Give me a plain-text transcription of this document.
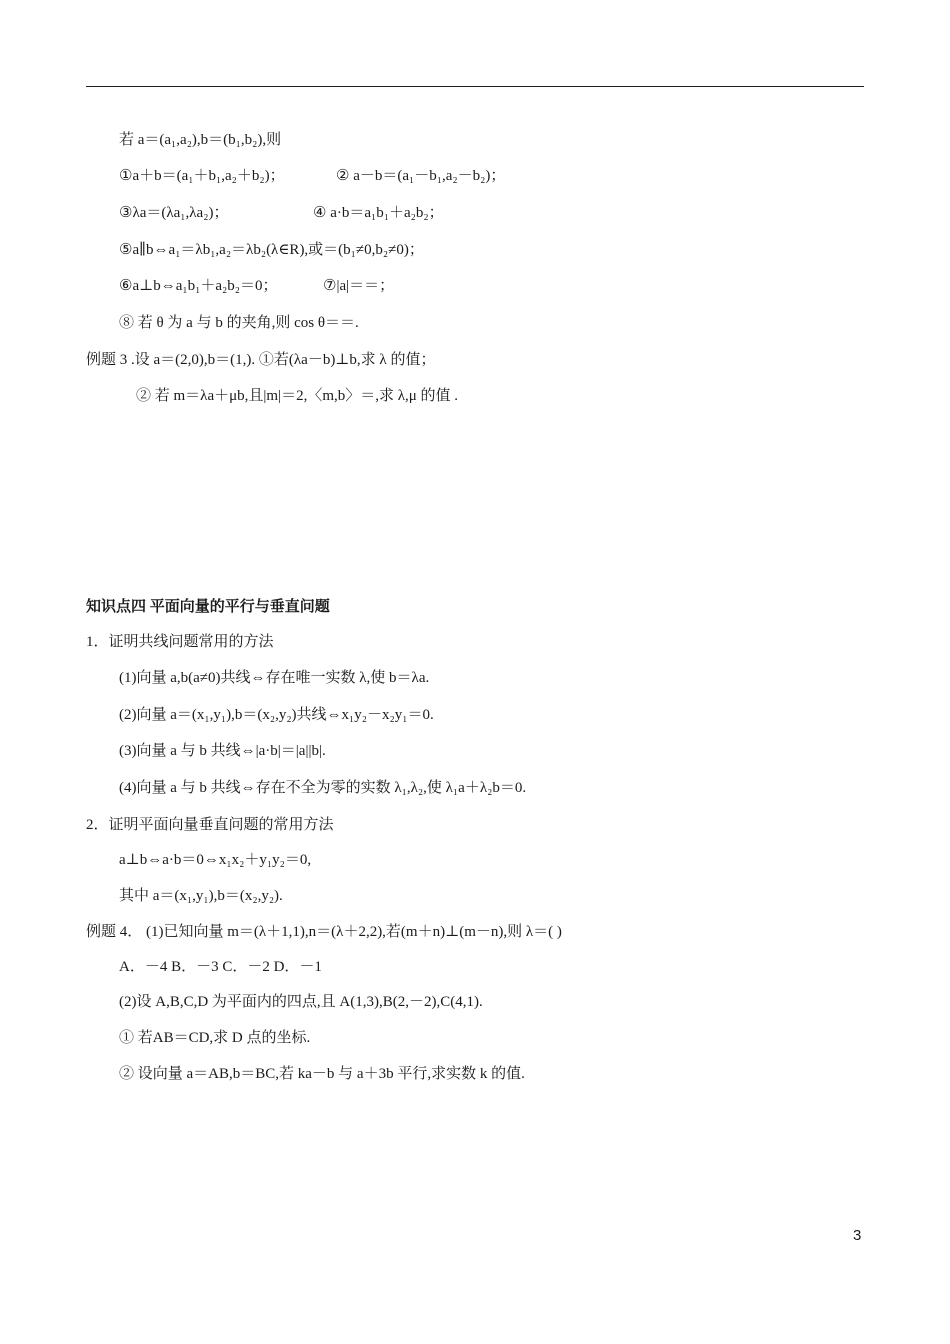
若 a＝(a₁,a₂),b＝(b₁,b₂),则
①a＋b＝(a₁＋b₁,a₂＋b₂)；	② a－b＝(a₁－b₁,a₂－b₂)；
③λa＝(λa₁,λa₂)；	④ a·b＝a₁b₁＋a₂b₂；
⑤a∥b⇔a₁＝λb₁,a₂＝λb₂(λ∈R),或＝(b₁≠0,b₂≠0)；
⑥a⊥b⇔a₁b₁＋a₂b₂＝0；	⑦|a|＝＝；
⑧ 若 θ 为 a 与 b 的夹角,则 cos θ＝＝.
例题 3 .设 a＝(2,0),b＝(1,). ①若(λa－b)⊥b,求 λ 的值；
② 若 m＝λa＋μb,且|m|＝2,〈m,b〉＝,求 λ,μ 的值 .
知识点四 平面向量的平行与垂直问题
1．证明共线问题常用的方法
(1)向量 a,b(a≠0)共线⇔存在唯一实数 λ,使 b＝λa.
(2)向量 a＝(x₁,y₁),b＝(x₂,y₂)共线⇔x₁y₂－x₂y₁＝0.
(3)向量 a 与 b 共线⇔|a·b|＝|a||b|.
(4)向量 a 与 b 共线⇔存在不全为零的实数 λ₁,λ₂,使 λ₁a＋λ₂b＝0.
2．证明平面向量垂直问题的常用方法
a⊥b⇔a·b＝0⇔x₁x₂＋y₁y₂＝0,
其中 a＝(x₁,y₁),b＝(x₂,y₂).
例题 4． (1)已知向量 m＝(λ＋1,1),n＝(λ＋2,2),若(m＋n)⊥(m－n),则 λ＝( )
A．－4 B．－3 C．－2 D．－1
(2)设 A,B,C,D 为平面内的四点,且 A(1,3),B(2,－2),C(4,1).
① 若AB＝CD,求 D 点的坐标.
② 设向量 a＝AB,b＝BC,若 ka－b 与 a＋3b 平行,求实数 k 的值.
3
